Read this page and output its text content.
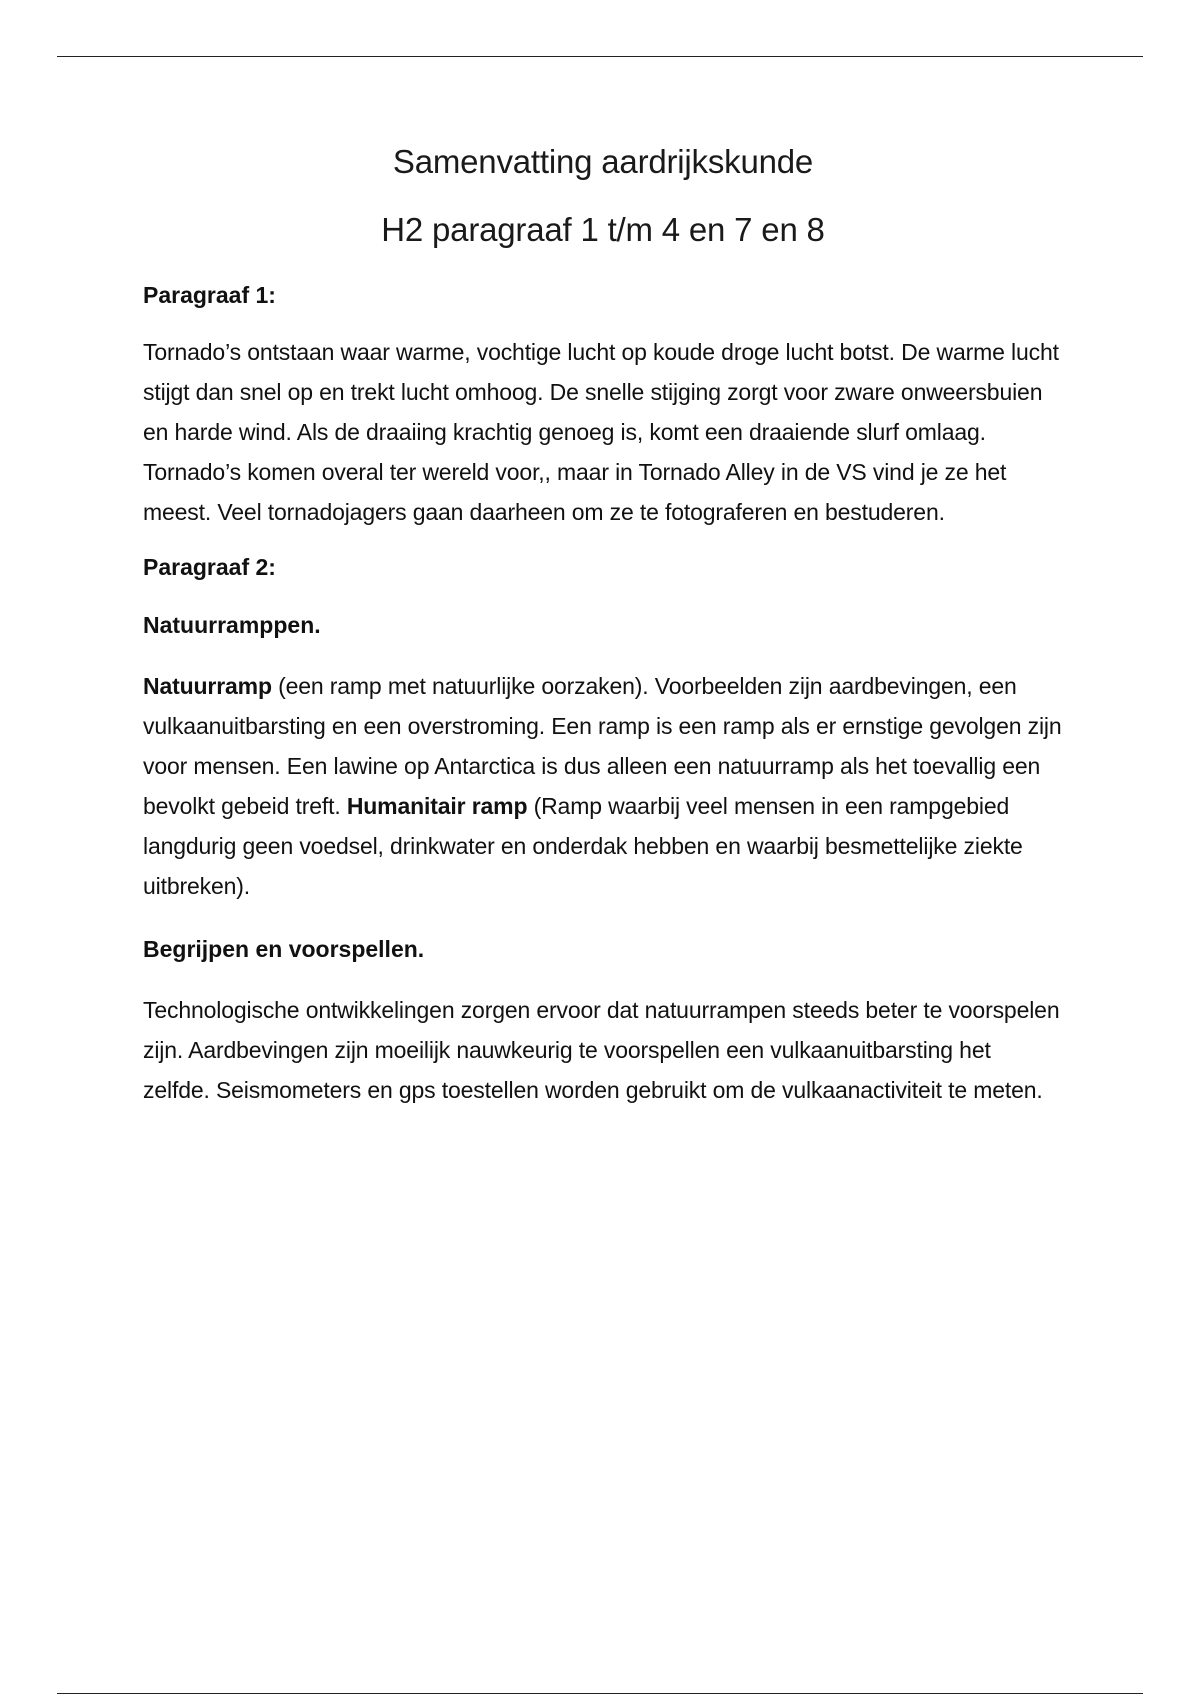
Samenvatting aardrijkskunde
H2 paragraaf 1 t/m 4 en 7 en 8

Paragraaf 1:

Tornado’s ontstaan waar warme, vochtige lucht op koude droge lucht botst. De warme lucht stijgt dan snel op en trekt lucht omhoog. De snelle stijging zorgt voor zware onweersbuien en harde wind. Als de draaiing krachtig genoeg is, komt een draaiende slurf omlaag. Tornado’s komen overal ter wereld voor,, maar in Tornado Alley in de VS vind je ze het meest. Veel tornadojagers gaan daarheen om ze te fotograferen en bestuderen.

Paragraaf 2:

Natuurramppen.

Natuurramp (een ramp met natuurlijke oorzaken). Voorbeelden zijn aardbevingen, een vulkaanuitbarsting en een overstroming. Een ramp is een ramp als er ernstige gevolgen zijn voor mensen. Een lawine op Antarctica is dus alleen een natuurramp als het toevallig een bevolkt gebeid treft. Humanitair ramp (Ramp waarbij veel mensen in een rampgebied langdurig geen voedsel, drinkwater en onderdak hebben en waarbij besmettelijke ziekte uitbreken).

Begrijpen en voorspellen.

Technologische ontwikkelingen zorgen ervoor dat natuurrampen steeds beter te voorspelen zijn. Aardbevingen zijn moeilijk nauwkeurig te voorspellen een vulkaanuitbarsting het zelfde. Seismometers en gps toestellen worden gebruikt om de vulkaanactiviteit te meten.
